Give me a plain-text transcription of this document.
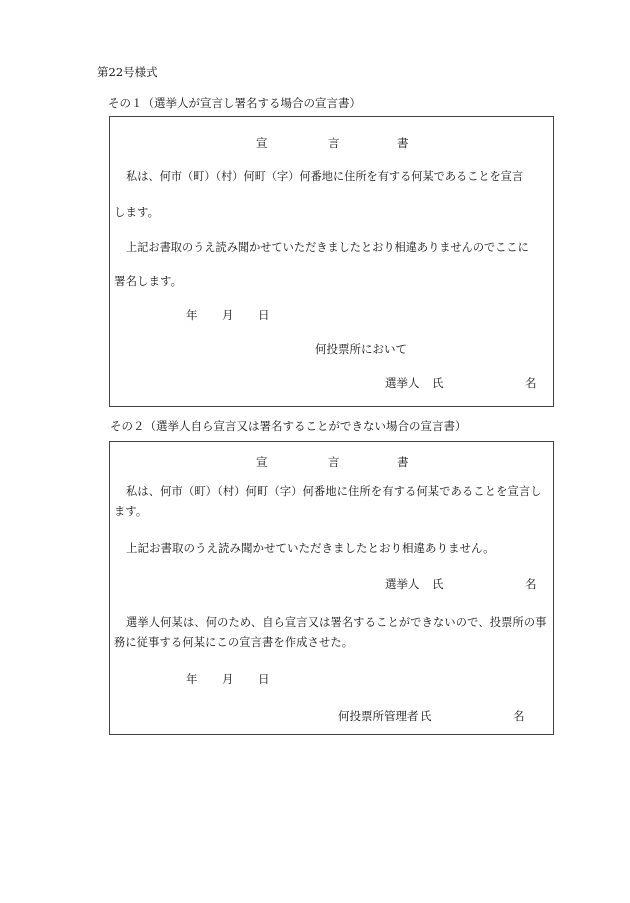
第22号様式
その１（選挙人が宣言し署名する場合の宣言書）
宣	言	書
私は、何市（町）（村）何町（字）何番地に住所を有する何某であることを宣言
します。
上記お書取のうえ読み聞かせていただきましたとおり相違ありませんのでここに
署名します。
年 月 日
何投票所において
選挙人 氏	名
その２（選挙人自ら宣言又は署名することができない場合の宣言書）
宣	言	書
私は、何市（町）（村）何町（字）何番地に住所を有する何某であることを宣言します。
上記お書取のうえ読み聞かせていただきましたとおり相違ありません。
選挙人 氏	名
選挙人何某は、何のため、自ら宣言又は署名することができないので、投票所の事務に従事する何某にこの宣言書を作成させた。
年 月 日
何投票所管理者 氏	名
